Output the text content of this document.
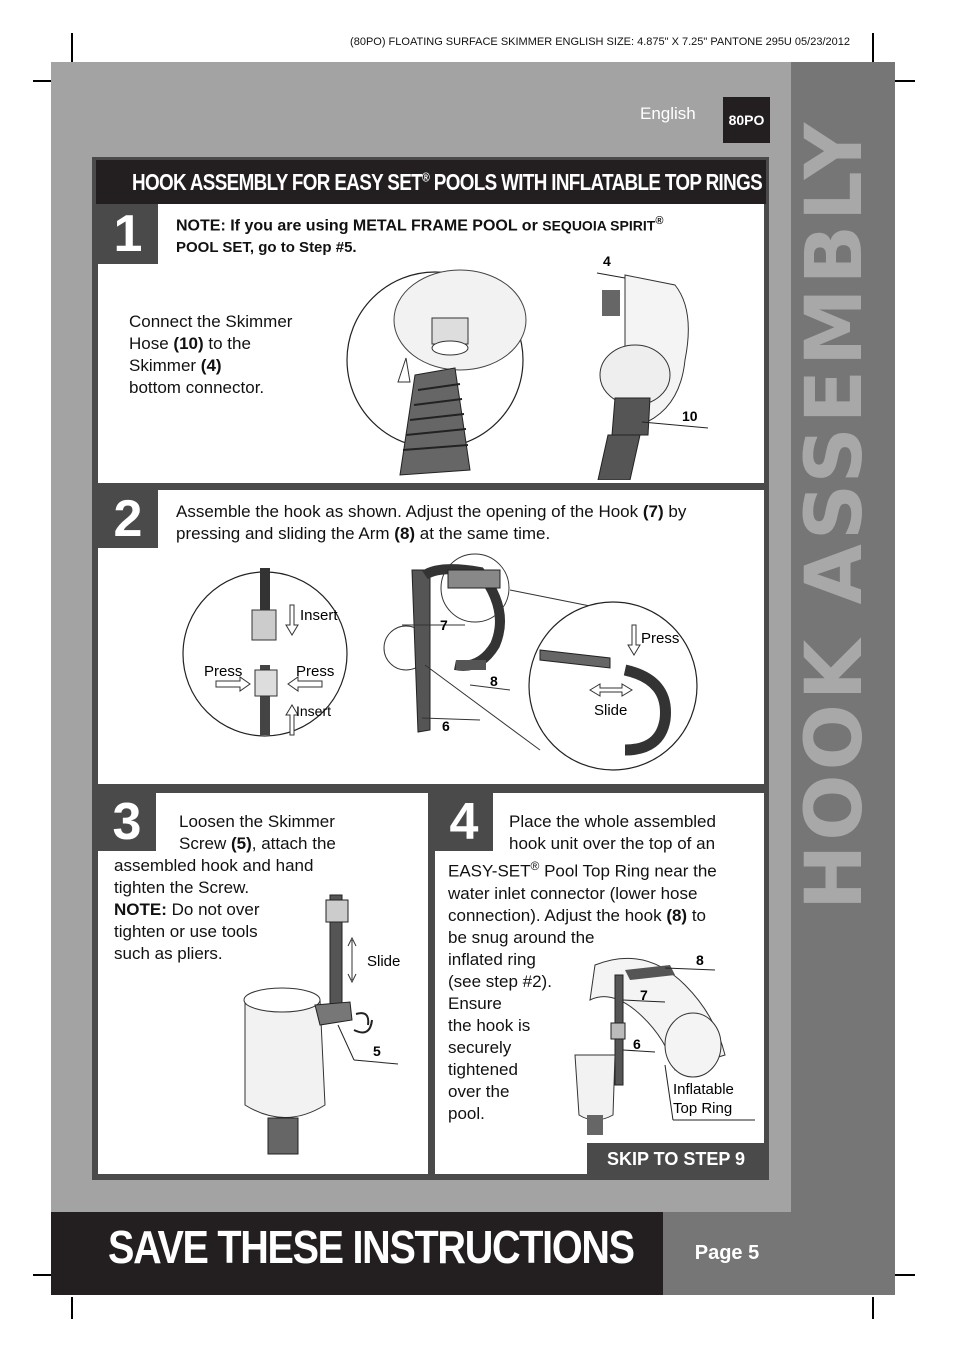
(80PO) FLOATING SURFACE SKIMMER ENGLISH SIZE: 4.875" X 7.25" PANTONE 295U 05/23/2012
HOOK ASSEMBLY
English	80PO
HOOK ASSEMBLY FOR EASY SET® POOLS WITH INFLATABLE TOP RINGS
1	NOTE: If you are using METAL FRAME POOL or SEQUOIA SPIRIT®
POOL SET, go to Step #5.
Connect the Skimmer
Hose (10) to the
Skimmer (4)
bottom connector.
4
10
2	Assemble the hook as shown. Adjust the opening of the Hook (7) by
pressing and sliding the Arm (8) at the same time.
Insert
Press	Press
Insert
7
8
6
Press
Slide
3	Loosen the Skimmer
Screw (5), attach the
assembled hook and hand
tighten the Screw.
NOTE: Do not over
tighten or use tools
such as pliers.	Slide
5
4	Place the whole assembled
hook unit over the top of an
EASY-SET® Pool Top Ring near the
water inlet connector (lower hose
connection). Adjust the hook (8) to
be snug around the
inflated ring
(see step #2).
Ensure
the hook is
securely
tightened
over the
pool.
8
7
6
Inflatable
Top Ring
SKIP TO STEP 9
SAVE THESE INSTRUCTIONS	Page 5
